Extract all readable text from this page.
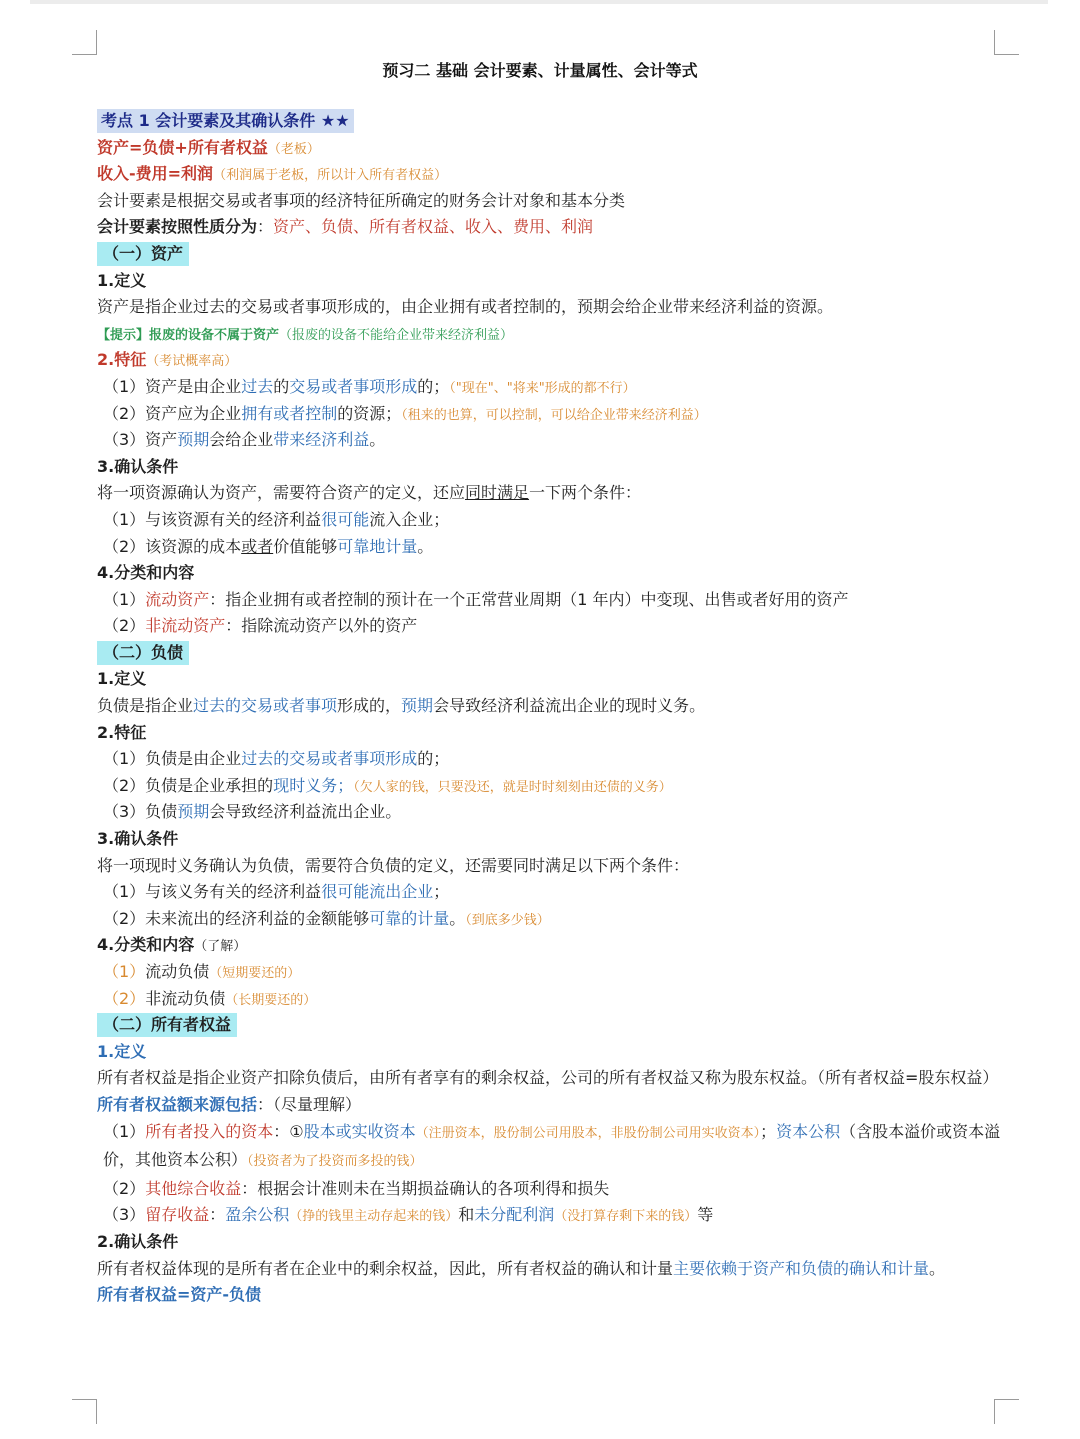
预习二 基础 会计要素、计量属性、会计等式
考点 1 会计要素及其确认条件 ★★
资产=负债+所有者权益（老板）
收入-费用=利润（利润属于老板，所以计入所有者权益）
会计要素是根据交易或者事项的经济特征所确定的财务会计对象和基本分类
会计要素按照性质分为：资产、负债、所有者权益、收入、费用、利润
（一）资产
1.定义
资产是指企业过去的交易或者事项形成的，由企业拥有或者控制的，预期会给企业带来经济利益的资源。
【提示】报废的设备不属于资产（报废的设备不能给企业带来经济利益）
2.特征（考试概率高）
（1）资产是由企业过去的交易或者事项形成的；（"现在"、"将来"形成的都不行）
（2）资产应为企业拥有或者控制的资源；（租来的也算，可以控制，可以给企业带来经济利益）
（3）资产预期会给企业带来经济利益。
3.确认条件
将一项资源确认为资产，需要符合资产的定义，还应同时满足一下两个条件：
（1）与该资源有关的经济利益很可能流入企业；
（2）该资源的成本或者价值能够可靠地计量。
4.分类和内容
（1）流动资产：指企业拥有或者控制的预计在一个正常营业周期（1 年内）中变现、出售或者好用的资产
（2）非流动资产：指除流动资产以外的资产
（二）负债
1.定义
负债是指企业过去的交易或者事项形成的，预期会导致经济利益流出企业的现时义务。
2.特征
（1）负债是由企业过去的交易或者事项形成的；
（2）负债是企业承担的现时义务；（欠人家的钱，只要没还，就是时时刻刻由还债的义务）
（3）负债预期会导致经济利益流出企业。
3.确认条件
将一项现时义务确认为负债，需要符合负债的定义，还需要同时满足以下两个条件：
（1）与该义务有关的经济利益很可能流出企业；
（2）未来流出的经济利益的金额能够可靠的计量。（到底多少钱）
4.分类和内容（了解）
（1）流动负债（短期要还的）
（2）非流动负债（长期要还的）
（二）所有者权益
1.定义
所有者权益是指企业资产扣除负债后，由所有者享有的剩余权益，公司的所有者权益又称为股东权益。（所有者权益=股东权益）
所有者权益额来源包括：（尽量理解）
（1）所有者投入的资本：①股本或实收资本（注册资本，股份制公司用股本，非股份制公司用实收资本）；资本公积（含股本溢价或资本溢价，其他资本公积）（投资者为了投资而多投的钱）
（2）其他综合收益：根据会计准则未在当期损益确认的各项利得和损失
（3）留存收益：盈余公积（挣的钱里主动存起来的钱）和未分配利润（没打算存剩下来的钱）等
2.确认条件
所有者权益体现的是所有者在企业中的剩余权益，因此，所有者权益的确认和计量主要依赖于资产和负债的确认和计量。
所有者权益=资产-负债
